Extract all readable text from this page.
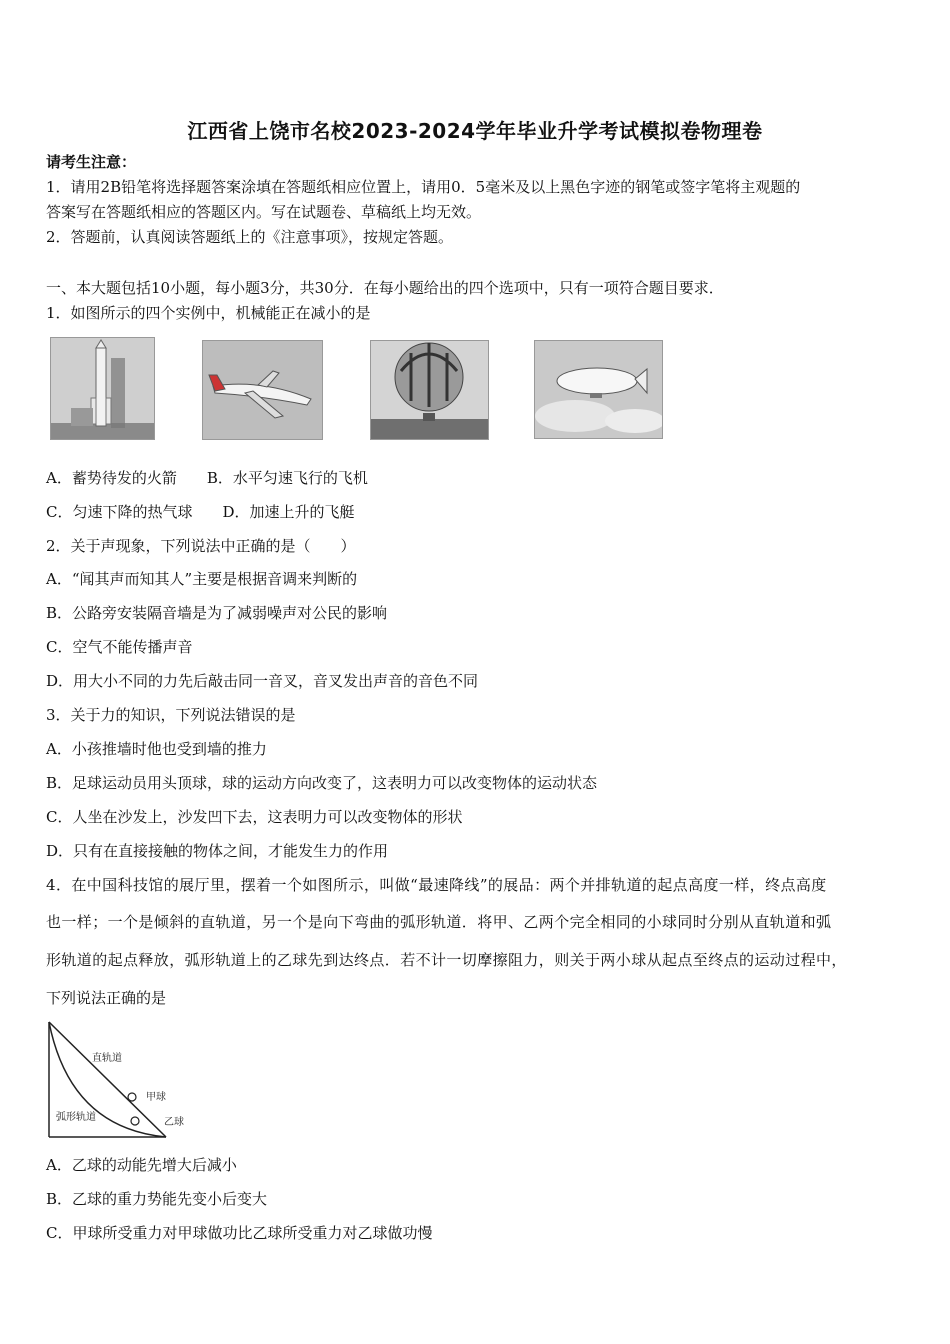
江西省上饶市名校2023-2024学年毕业升学考试模拟卷物理卷
请考生注意：
1．请用2B铅笔将选择题答案涂填在答题纸相应位置上，请用0．5毫米及以上黑色字迹的钢笔或签字笔将主观题的
答案写在答题纸相应的答题区内。写在试题卷、草稿纸上均无效。
2．答题前，认真阅读答题纸上的《注意事项》，按规定答题。
一、本大题包括10小题，每小题3分，共30分．在每小题给出的四个选项中，只有一项符合题目要求．
1．如图所示的四个实例中，机械能正在减小的是
A．蓄势待发的火箭　　B．水平匀速飞行的飞机
C．匀速下降的热气球　　D．加速上升的飞艇
2．关于声现象，下列说法中正确的是（　　）
A．“闻其声而知其人”主要是根据音调来判断的
B．公路旁安装隔音墙是为了减弱噪声对公民的影响
C．空气不能传播声音
D．用大小不同的力先后敲击同一音叉，音叉发出声音的音色不同
3．关于力的知识，下列说法错误的是
A．小孩推墙时他也受到墙的推力
B．足球运动员用头顶球，球的运动方向改变了，这表明力可以改变物体的运动状态
C．人坐在沙发上，沙发凹下去，这表明力可以改变物体的形状
D．只有在直接接触的物体之间，才能发生力的作用
4．在中国科技馆的展厅里，摆着一个如图所示，叫做“最速降线”的展品：两个并排轨道的起点高度一样，终点高度
也一样；一个是倾斜的直轨道，另一个是向下弯曲的弧形轨道．将甲、乙两个完全相同的小球同时分别从直轨道和弧
形轨道的起点释放，弧形轨道上的乙球先到达终点．若不计一切摩擦阻力，则关于两小球从起点至终点的运动过程中，
下列说法正确的是
直轨道
甲球
弧形轨道	乙球
A．乙球的动能先增大后减小
B．乙球的重力势能先变小后变大
C．甲球所受重力对甲球做功比乙球所受重力对乙球做功慢
